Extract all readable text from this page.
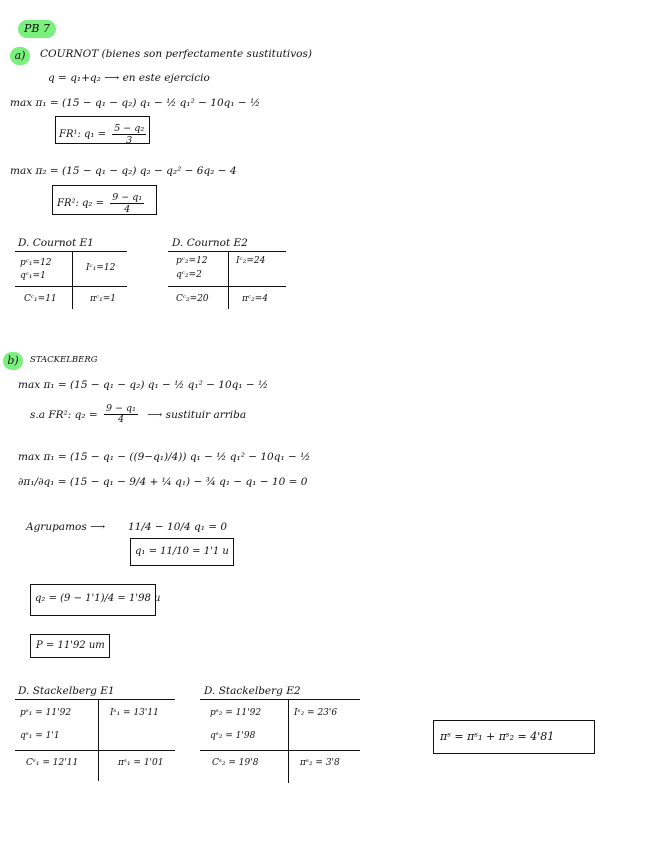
PB 7
a)	COURNOT (bienes son perfectamente sustitutivos)
q = q₁+q₂ ⟶ en este ejercicio
max π₁ = (15 − q₁ − q₂) q₁ − ½ q₁² − 10q₁ − ½
FR¹: $q_1 = \frac{\text{5 − q₂}}{3}$
max π₂ = (15 − q₁ − q₂) q₂ − q₂² − 6q₂ − 4
FR²: $q_2 = \frac{\text{9 − q₁}}{4}$
D. Cournot E1
pᶜ₁=12
qᶜ₁=1
Iᶜ₁=12
Cᶜ₁=11	πᶜ₁=1
D. Cournot E2
pᶜ₂=12
qᶜ₂=2
Iᶜ₂=24
Cᶜ₂=20	πᶜ₂=4
b)	STACKELBERG
max π₁ = (15 − q₁ − q₂) q₁ − ½ q₁² − 10q₁ − ½
s.a FR²: $q_2 = \frac{\text{9 − q₁}}{4}$ ⟶ sustituir arriba
max π₁ = (15 − q₁ − ((9−q₁)/4)) q₁ − ½ q₁² − 10q₁ − ½
∂π₁/∂q₁ = (15 − q₁ − 9/4 + ¼ q₁) − ¾ q₁ − q₁ − 10 = 0
Agrupamos ⟶ 11/4 − 10/4 q₁ = 0
q₁ = 11/10 = 1'1 u
q₂ = (9 − 1'1)/4 = 1'98 u
P = 11'92 um
D. Stackelberg E1
pˢ₁ = 11'92
qˢ₁ = 1'1
Iˢ₁ = 13'11
Cˢ₁ = 12'11	πˢ₁ = 1'01
D. Stackelberg E2
pˢ₂ = 11'92
qˢ₂ = 1'98
Iˢ₂ = 23'6
Cˢ₂ = 19'8	πˢ₂ = 3'8
πˢ = πˢ₁ + πˢ₂ = 4'81
